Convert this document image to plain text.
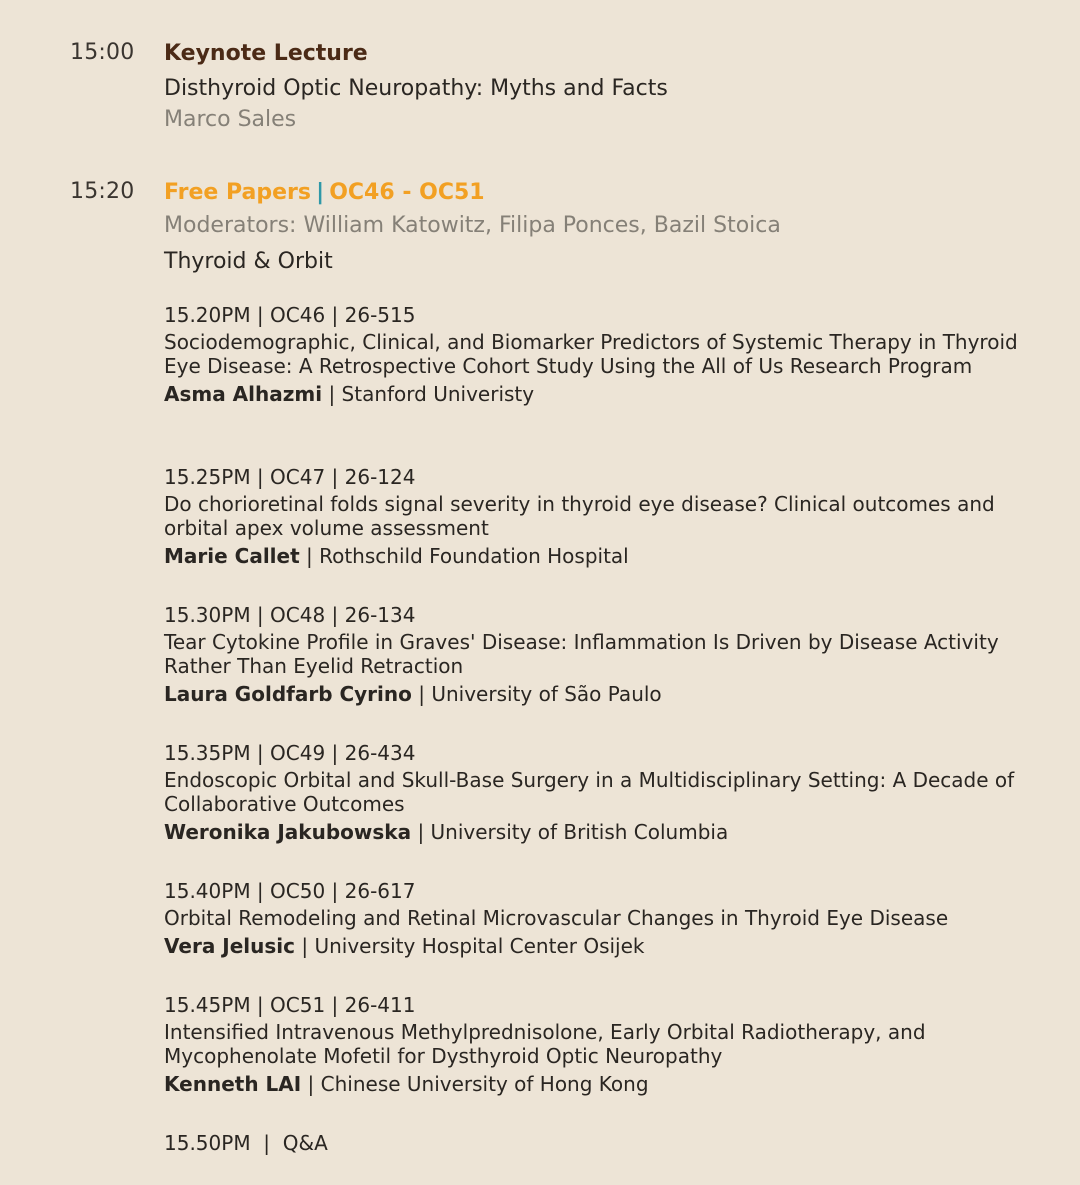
15:00 Keynote Lecture
Disthyroid Optic Neuropathy: Myths and Facts
Marco Sales
15:20 Free Papers | OC46 - OC51
Moderators: William Katowitz, Filipa Ponces, Bazil Stoica
Thyroid & Orbit
15.20PM | OC46 | 26-515
Sociodemographic, Clinical, and Biomarker Predictors of Systemic Therapy in Thyroid Eye Disease: A Retrospective Cohort Study Using the All of Us Research Program
Asma Alhazmi | Stanford Univeristy
15.25PM | OC47 | 26-124
Do chorioretinal folds signal severity in thyroid eye disease? Clinical outcomes and orbital apex volume assessment
Marie Callet | Rothschild Foundation Hospital
15.30PM | OC48 | 26-134
Tear Cytokine Profile in Graves' Disease: Inflammation Is Driven by Disease Activity Rather Than Eyelid Retraction
Laura Goldfarb Cyrino | University of São Paulo
15.35PM | OC49 | 26-434
Endoscopic Orbital and Skull-Base Surgery in a Multidisciplinary Setting: A Decade of Collaborative Outcomes
Weronika Jakubowska | University of British Columbia
15.40PM | OC50 | 26-617
Orbital Remodeling and Retinal Microvascular Changes in Thyroid Eye Disease
Vera Jelusic | University Hospital Center Osijek
15.45PM | OC51 | 26-411
Intensified Intravenous Methylprednisolone, Early Orbital Radiotherapy, and Mycophenolate Mofetil for Dysthyroid Optic Neuropathy
Kenneth LAI | Chinese University of Hong Kong
15.50PM  |  Q&A
